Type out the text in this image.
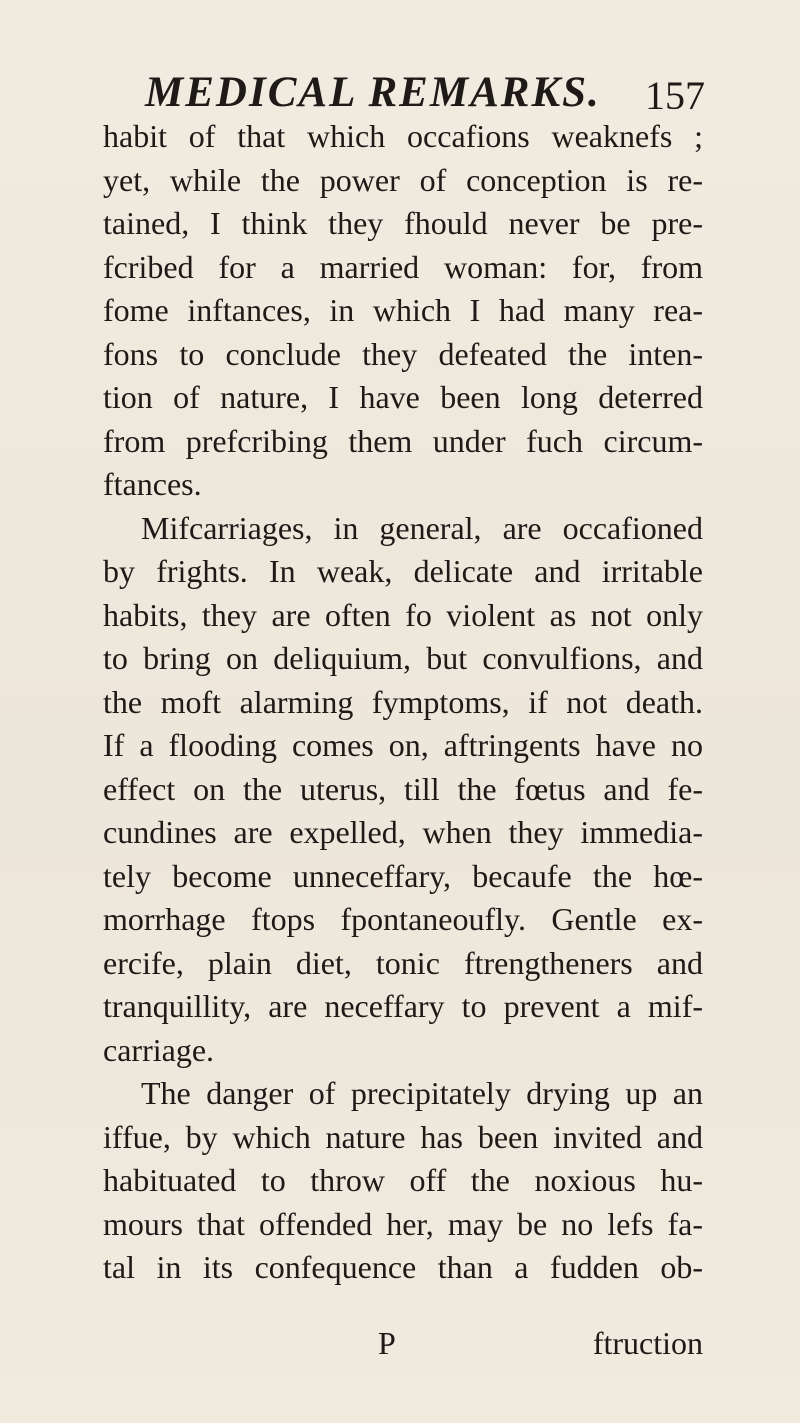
MEDICAL REMARKS. 157
habit of that which occafions weaknefs ;
yet, while the power of conception is re-
tained, I think they fhould never be pre-
fcribed for a married woman: for, from
fome inftances, in which I had many rea-
fons to conclude they defeated the inten-
tion of nature, I have been long deterred
from prefcribing them under fuch circum-
ftances.
Mifcarriages, in general, are occafioned
by frights. In weak, delicate and irritable
habits, they are often fo violent as not only
to bring on deliquium, but convulfions, and
the moft alarming fymptoms, if not death.
If a flooding comes on, aftringents have no
effect on the uterus, till the fœtus and fe-
cundines are expelled, when they immedia-
tely become unneceffary, becaufe the hœ-
morrhage ftops fpontaneoufly. Gentle ex-
ercife, plain diet, tonic ftrengtheners and
tranquillity, are neceffary to prevent a mif-
carriage.
The danger of precipitately drying up an
iffue, by which nature has been invited and
habituated to throw off the noxious hu-
mours that offended her, may be no lefs fa-
tal in its confequence than a fudden ob-
P	ftruction
